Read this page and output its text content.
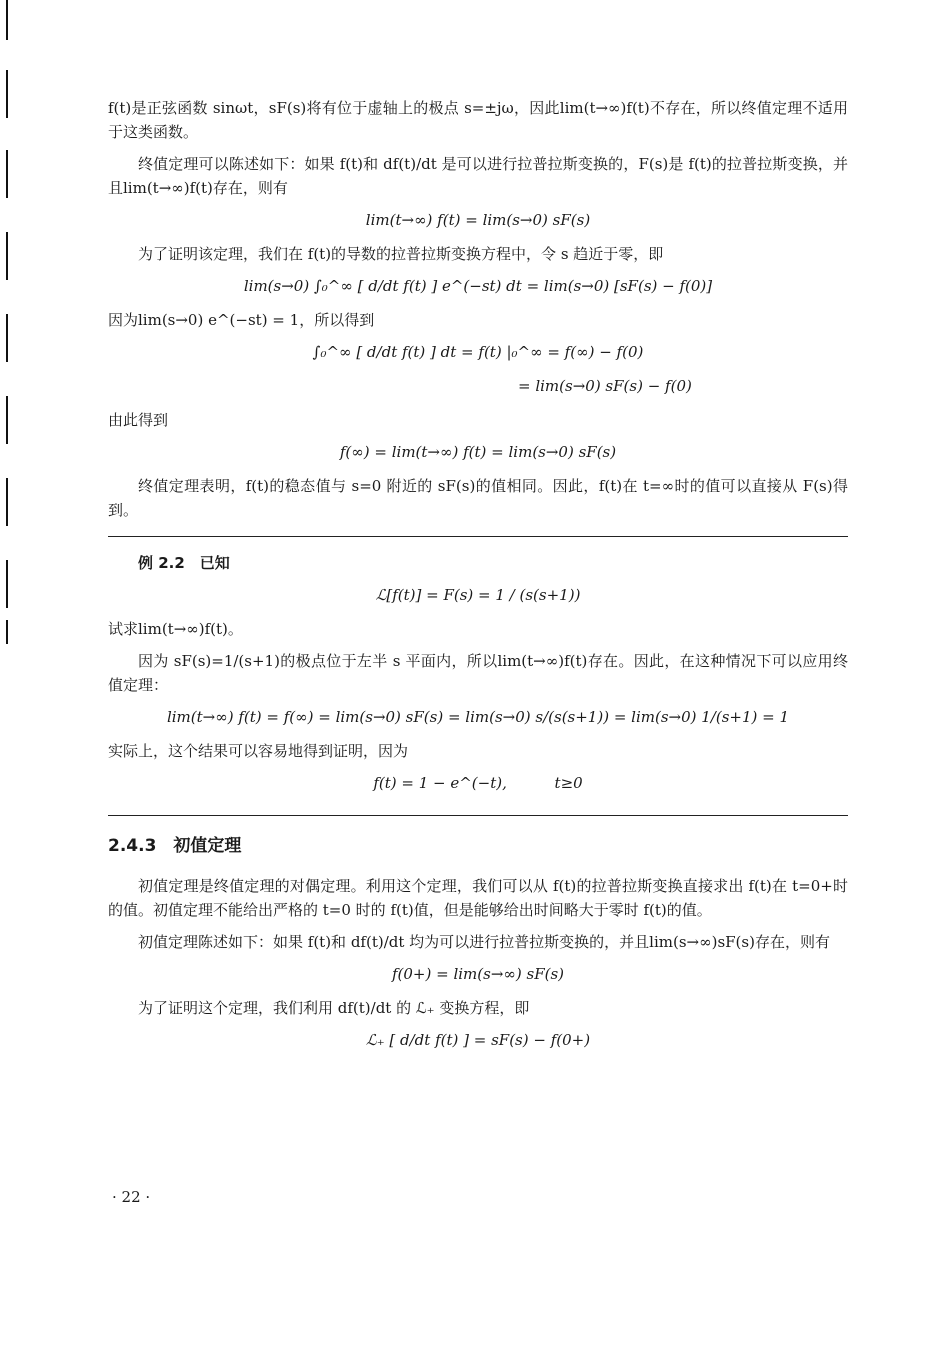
f(t)是正弦函数 sinωt，sF(s)将有位于虚轴上的极点 s=±jω，因此lim(t→∞)f(t)不存在，所以终值定理不适用于这类函数。

终值定理可以陈述如下：如果 f(t)和 df(t)/dt 是可以进行拉普拉斯变换的，F(s)是 f(t)的拉普拉斯变换，并且lim(t→∞)f(t)存在，则有

lim(t→∞) f(t) = lim(s→0) sF(s)

为了证明该定理，我们在 f(t)的导数的拉普拉斯变换方程中，令 s 趋近于零，即

lim(s→0) ∫₀^∞ [ d/dt f(t) ] e^(−st) dt = lim(s→0) [sF(s) − f(0)]

因为lim(s→0) e^(−st) = 1，所以得到

∫₀^∞ [ d/dt f(t) ] dt = f(t) |₀^∞ = f(∞) − f(0)
= lim(s→0) sF(s) − f(0)

由此得到

f(∞) = lim(t→∞) f(t) = lim(s→0) sF(s)

终值定理表明，f(t)的稳态值与 s=0 附近的 sF(s)的值相同。因此，f(t)在 t=∞时的值可以直接从 F(s)得到。

例 2.2　已知
ℒ[f(t)] = F(s) = 1 / (s(s+1))

试求lim(t→∞)f(t)。

因为 sF(s)=1/(s+1)的极点位于左半 s 平面内，所以lim(t→∞)f(t)存在。因此，在这种情况下可以应用终值定理：

lim(t→∞) f(t) = f(∞) = lim(s→0) sF(s) = lim(s→0) s/(s(s+1)) = lim(s→0) 1/(s+1) = 1

实际上，这个结果可以容易地得到证明，因为

f(t) = 1 − e^(−t),          t≥0
2.4.3　初值定理

初值定理是终值定理的对偶定理。利用这个定理，我们可以从 f(t)的拉普拉斯变换直接求出 f(t)在 t=0+时的值。初值定理不能给出严格的 t=0 时的 f(t)值，但是能够给出时间略大于零时 f(t)的值。

初值定理陈述如下：如果 f(t)和 df(t)/dt 均为可以进行拉普拉斯变换的，并且lim(s→∞)sF(s)存在，则有

f(0+) = lim(s→∞) sF(s)

为了证明这个定理，我们利用 df(t)/dt 的 ℒ₊ 变换方程，即

ℒ₊ [ d/dt f(t) ] = sF(s) − f(0+)
· 22 ·
